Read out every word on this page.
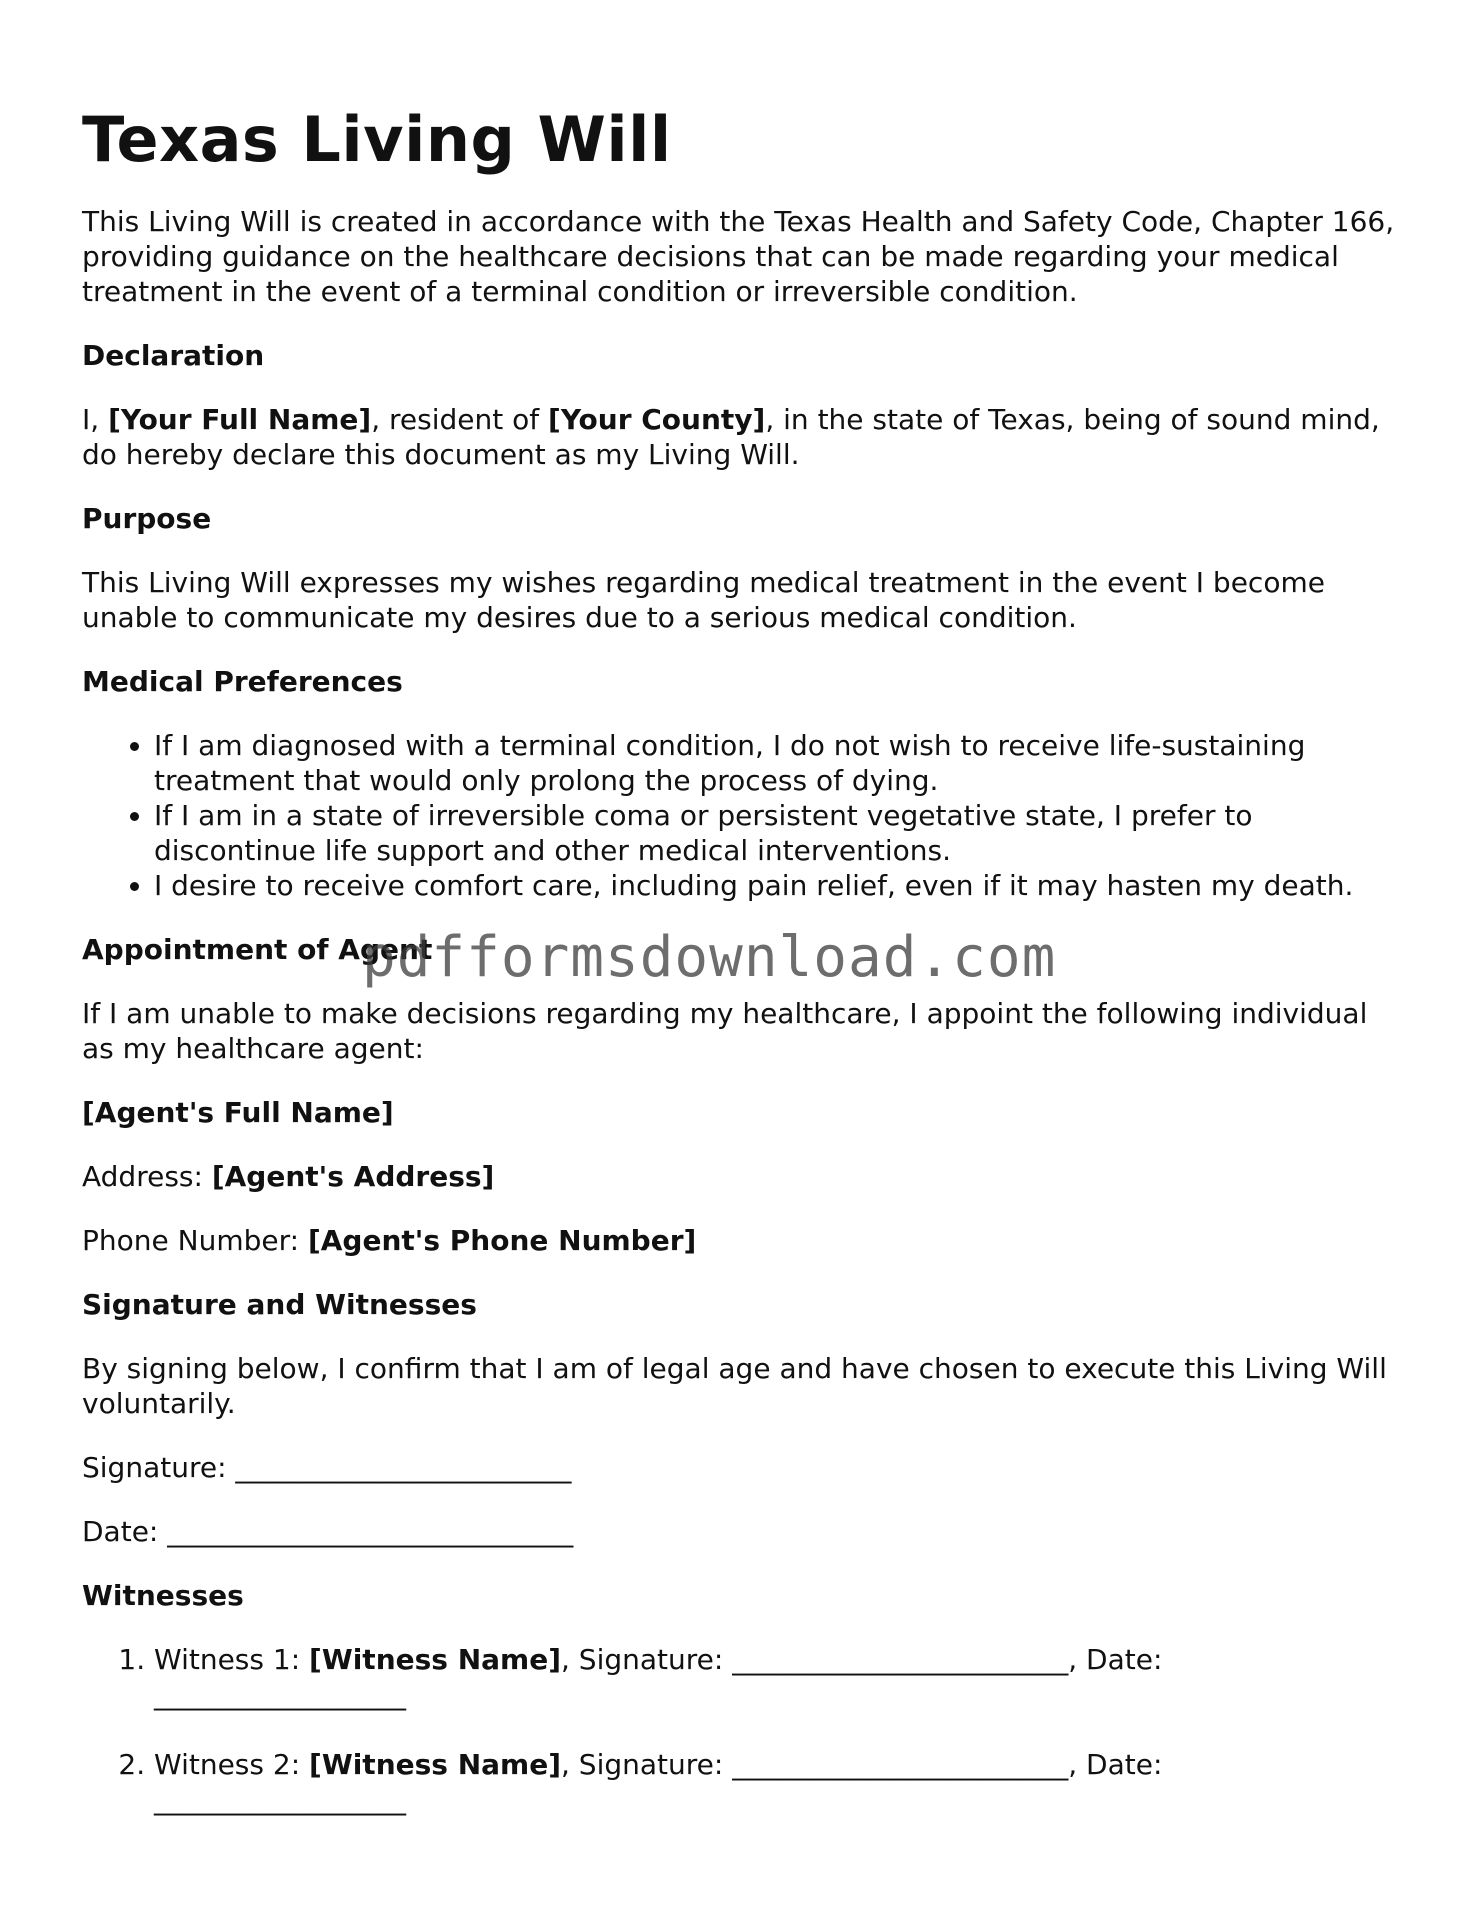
Texas Living Will

This Living Will is created in accordance with the Texas Health and Safety Code, Chapter 166, providing guidance on the healthcare decisions that can be made regarding your medical treatment in the event of a terminal condition or irreversible condition.

Declaration

I, [Your Full Name], resident of [Your County], in the state of Texas, being of sound mind, do hereby declare this document as my Living Will.

Purpose

This Living Will expresses my wishes regarding medical treatment in the event I become unable to communicate my desires due to a serious medical condition.

Medical Preferences
• If I am diagnosed with a terminal condition, I do not wish to receive life-sustaining treatment that would only prolong the process of dying.
• If I am in a state of irreversible coma or persistent vegetative state, I prefer to discontinue life support and other medical interventions.
• I desire to receive comfort care, including pain relief, even if it may hasten my death.
Appointment of Agent

If I am unable to make decisions regarding my healthcare, I appoint the following individual as my healthcare agent:

[Agent's Full Name]

Address: [Agent's Address]

Phone Number: [Agent's Phone Number]

Signature and Witnesses

By signing below, I confirm that I am of legal age and have chosen to execute this Living Will voluntarily.

Signature: ________________________

Date: _____________________________

Witnesses
1. Witness 1: [Witness Name], Signature: ________________________, Date: __________________
2. Witness 2: [Witness Name], Signature: ________________________, Date: __________________
pdfformsdownload.com
